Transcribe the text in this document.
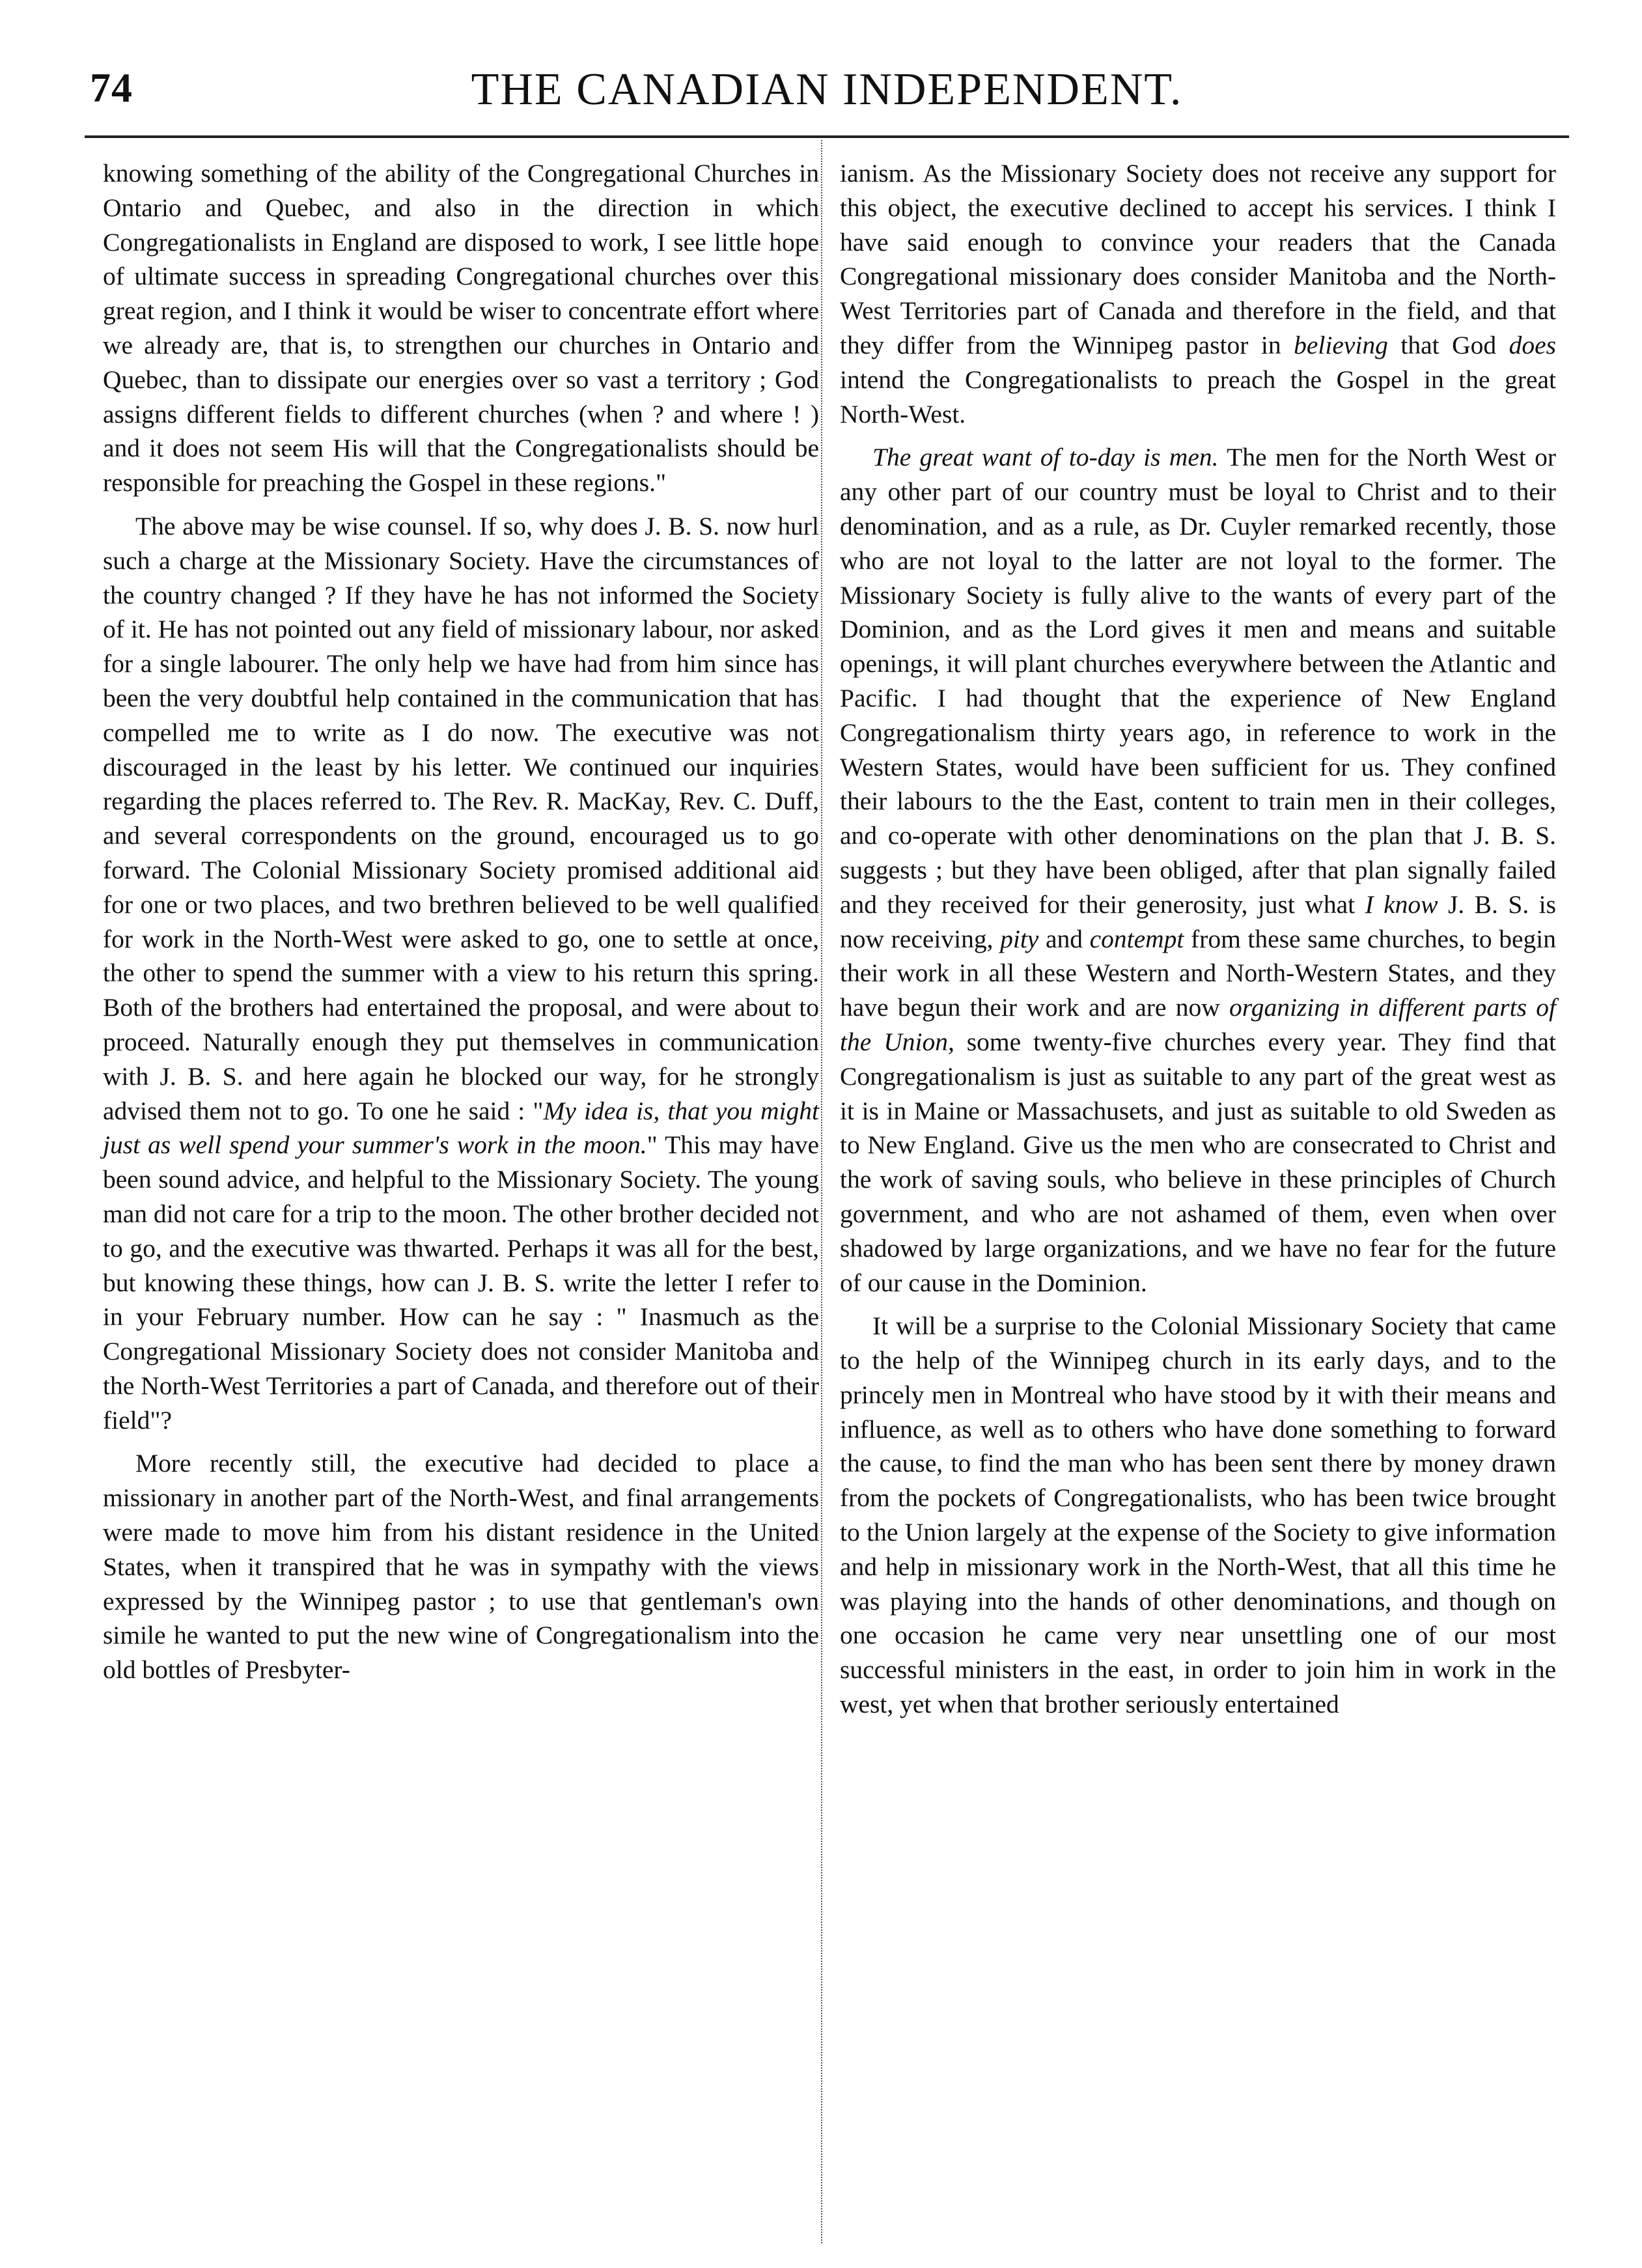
74	THE CANADIAN INDEPENDENT.

knowing something of the ability of the Congregational Churches in Ontario and Quebec, and also in the direction in which Congregationalists in England are disposed to work, I see little hope of ultimate success in spreading Congregational churches over this great region, and I think it would be wiser to concentrate effort where we already are, that is, to strengthen our churches in Ontario and Quebec, than to dissipate our energies over so vast a territory ; God assigns different fields to different churches (when ? and where ! ) and it does not seem His will that the Congregationalists should be responsible for preaching the Gospel in these regions."

The above may be wise counsel. If so, why does J. B. S. now hurl such a charge at the Missionary Society. Have the circumstances of the country changed ? If they have he has not informed the Society of it. He has not pointed out any field of missionary labour, nor asked for a single labourer. The only help we have had from him since has been the very doubtful help contained in the communication that has compelled me to write as I do now. The executive was not discouraged in the least by his letter. We continued our inquiries regarding the places referred to. The Rev. R. MacKay, Rev. C. Duff, and several correspondents on the ground, encouraged us to go forward. The Colonial Missionary Society promised additional aid for one or two places, and two brethren believed to be well qualified for work in the North-West were asked to go, one to settle at once, the other to spend the summer with a view to his return this spring. Both of the brothers had entertained the proposal, and were about to proceed. Naturally enough they put themselves in communication with J. B. S. and here again he blocked our way, for he strongly advised them not to go. To one he said : "My idea is, that you might just as well spend your summer's work in the moon." This may have been sound advice, and helpful to the Missionary Society. The young man did not care for a trip to the moon. The other brother decided not to go, and the executive was thwarted. Perhaps it was all for the best, but knowing these things, how can J. B. S. write the letter I refer to in your February number. How can he say : " Inasmuch as the Congregational Missionary Society does not consider Manitoba and the North-West Territories a part of Canada, and therefore out of their field"?

More recently still, the executive had decided to place a missionary in another part of the North-West, and final arrangements were made to move him from his distant residence in the United States, when it transpired that he was in sympathy with the views expressed by the Winnipeg pastor ; to use that gentleman's own simile he wanted to put the new wine of Congregationalism into the old bottles of Presbyter-

ianism. As the Missionary Society does not receive any support for this object, the executive declined to accept his services. I think I have said enough to convince your readers that the Canada Congregational missionary does consider Manitoba and the North-West Territories part of Canada and therefore in the field, and that they differ from the Winnipeg pastor in believing that God does intend the Congregationalists to preach the Gospel in the great North-West.

The great want of to-day is men. The men for the North West or any other part of our country must be loyal to Christ and to their denomination, and as a rule, as Dr. Cuyler remarked recently, those who are not loyal to the latter are not loyal to the former. The Missionary Society is fully alive to the wants of every part of the Dominion, and as the Lord gives it men and means and suitable openings, it will plant churches everywhere between the Atlantic and Pacific. I had thought that the experience of New England Congregationalism thirty years ago, in reference to work in the Western States, would have been sufficient for us. They confined their labours to the the East, content to train men in their colleges, and co-operate with other denominations on the plan that J. B. S. suggests ; but they have been obliged, after that plan signally failed and they received for their generosity, just what I know J. B. S. is now receiving, pity and contempt from these same churches, to begin their work in all these Western and North-Western States, and they have begun their work and are now organizing in different parts of the Union, some twenty-five churches every year. They find that Congregationalism is just as suitable to any part of the great west as it is in Maine or Massachusets, and just as suitable to old Sweden as to New England. Give us the men who are consecrated to Christ and the work of saving souls, who believe in these principles of Church government, and who are not ashamed of them, even when over shadowed by large organizations, and we have no fear for the future of our cause in the Dominion.

It will be a surprise to the Colonial Missionary Society that came to the help of the Winnipeg church in its early days, and to the princely men in Montreal who have stood by it with their means and influence, as well as to others who have done something to forward the cause, to find the man who has been sent there by money drawn from the pockets of Congregationalists, who has been twice brought to the Union largely at the expense of the Society to give information and help in missionary work in the North-West, that all this time he was playing into the hands of other denominations, and though on one occasion he came very near unsettling one of our most successful ministers in the east, in order to join him in work in the west, yet when that brother seriously entertained
